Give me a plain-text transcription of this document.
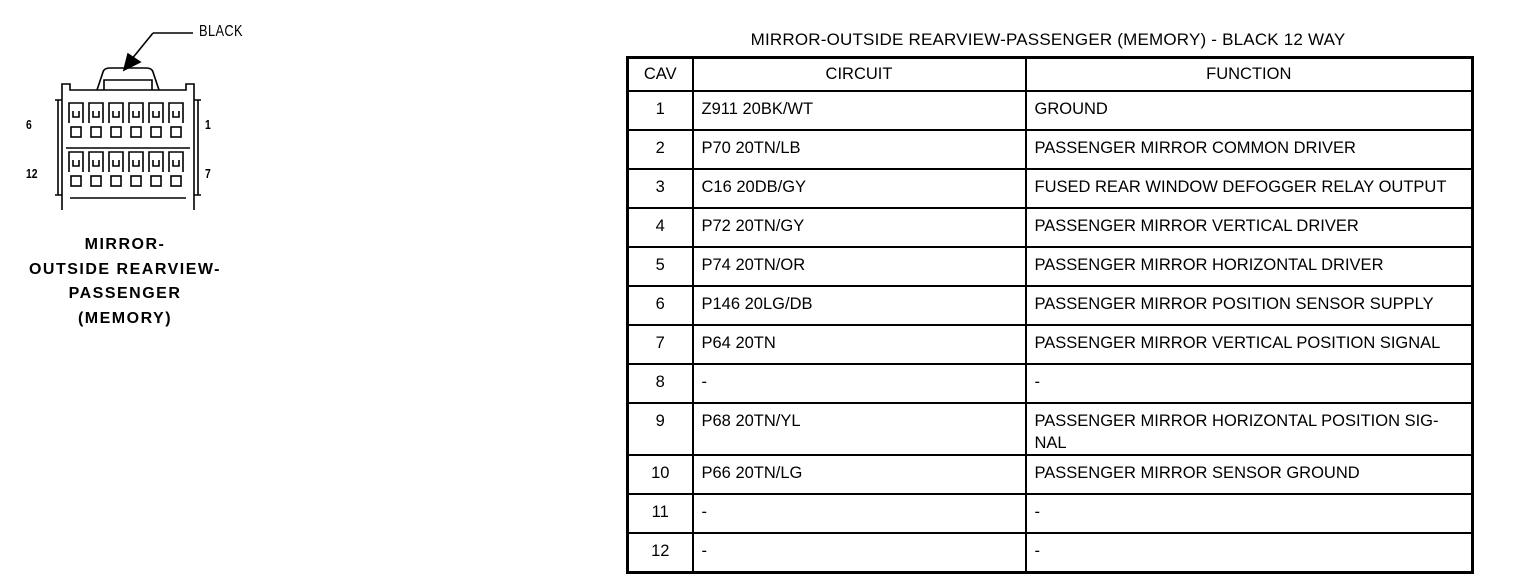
BLACK
6	1
12	7
MIRROR-
OUTSIDE REARVIEW-
PASSENGER
(MEMORY)
MIRROR-OUTSIDE REARVIEW-PASSENGER (MEMORY) - BLACK 12 WAY
CAV	CIRCUIT	FUNCTION
1	Z911 20BK/WT	GROUND
2	P70 20TN/LB	PASSENGER MIRROR COMMON DRIVER
3	C16 20DB/GY	FUSED REAR WINDOW DEFOGGER RELAY OUTPUT
4	P72 20TN/GY	PASSENGER MIRROR VERTICAL DRIVER
5	P74 20TN/OR	PASSENGER MIRROR HORIZONTAL DRIVER
6	P146 20LG/DB	PASSENGER MIRROR POSITION SENSOR SUPPLY
7	P64 20TN	PASSENGER MIRROR VERTICAL POSITION SIGNAL
8	-	-
9	P68 20TN/YL	PASSENGER MIRROR HORIZONTAL POSITION SIG-NAL
10	P66 20TN/LG	PASSENGER MIRROR SENSOR GROUND
11	-	-
12	-	-
